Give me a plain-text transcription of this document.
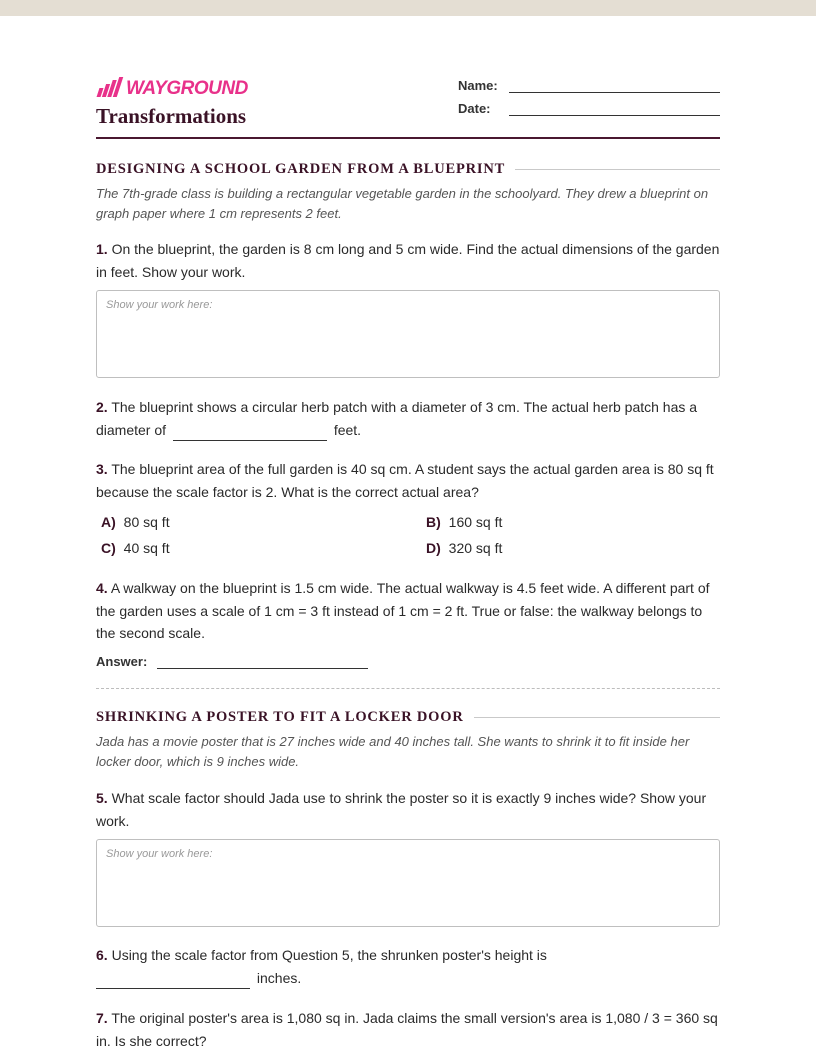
WAYGROUND
Transformations
Name:
Date:
DESIGNING A SCHOOL GARDEN FROM A BLUEPRINT
The 7th-grade class is building a rectangular vegetable garden in the schoolyard. They drew a blueprint on graph paper where 1 cm represents 2 feet.
1. On the blueprint, the garden is 8 cm long and 5 cm wide. Find the actual dimensions of the garden in feet. Show your work.
Show your work here:
2. The blueprint shows a circular herb patch with a diameter of 3 cm. The actual herb patch has a diameter of	feet.
3. The blueprint area of the full garden is 40 sq cm. A student says the actual garden area is 80 sq ft because the scale factor is 2. What is the correct actual area?
A) 80 sq ft	B) 160 sq ft
C) 40 sq ft	D) 320 sq ft
4. A walkway on the blueprint is 1.5 cm wide. The actual walkway is 4.5 feet wide. A different part of the garden uses a scale of 1 cm = 3 ft instead of 1 cm = 2 ft. True or false: the walkway belongs to the second scale.
Answer:
SHRINKING A POSTER TO FIT A LOCKER DOOR
Jada has a movie poster that is 27 inches wide and 40 inches tall. She wants to shrink it to fit inside her locker door, which is 9 inches wide.
5. What scale factor should Jada use to shrink the poster so it is exactly 9 inches wide? Show your work.
Show your work here:
6. Using the scale factor from Question 5, the shrunken poster's height is
inches.
7. The original poster's area is 1,080 sq in. Jada claims the small version's area is 1,080 / 3 = 360 sq in. Is she correct?
